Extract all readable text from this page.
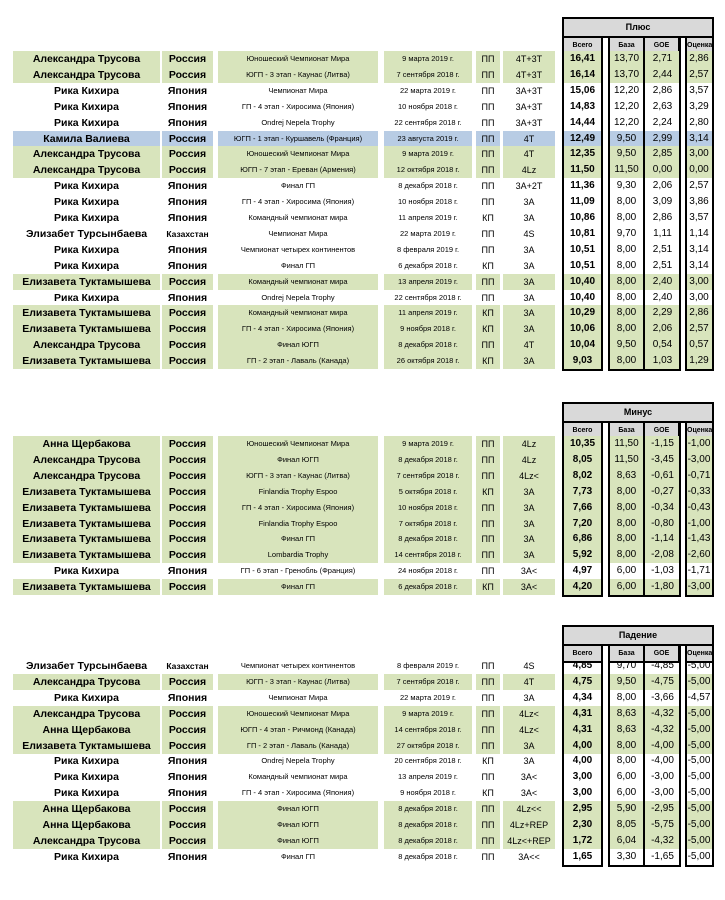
Плюс
Всего	База	GOE	Оценка
Александра Трусова	Россия	Юношеский Чемпионат Мира	9 марта 2019 г.	ПП	4T+3T	16,41	13,70	2,71	2,86
Александра Трусова	Россия	ЮГП - 3 этап - Каунас (Литва)	7 сентября 2018 г.	ПП	4T+3T	16,14	13,70	2,44	2,57
Рика Кихира	Япония	Чемпионат Мира	22 марта 2019 г.	ПП	3A+3T	15,06	12,20	2,86	3,57
Рика Кихира	Япония	ГП - 4 этап - Хиросима (Япония)	10 ноября 2018 г.	ПП	3A+3T	14,83	12,20	2,63	3,29
Рика Кихира	Япония	Ondrej Nepela Trophy	22 сентября 2018 г.	ПП	3A+3T	14,44	12,20	2,24	2,80
Камила Валиева	Россия	ЮГП - 1 этап - Куршавель (Франция)	23 августа 2019 г.	ПП	4T	12,49	9,50	2,99	3,14
Александра Трусова	Россия	Юношеский Чемпионат Мира	9 марта 2019 г.	ПП	4T	12,35	9,50	2,85	3,00
Александра Трусова	Россия	ЮГП - 7 этап - Ереван (Армения)	12 октября 2018 г.	ПП	4Lz	11,50	11,50	0,00	0,00
Рика Кихира	Япония	Финал ГП	8 декабря 2018 г.	ПП	3A+2T	11,36	9,30	2,06	2,57
Рика Кихира	Япония	ГП - 4 этап - Хиросима (Япония)	10 ноября 2018 г.	ПП	3A	11,09	8,00	3,09	3,86
Рика Кихира	Япония	Командный чемпионат мира	11 апреля 2019 г.	КП	3A	10,86	8,00	2,86	3,57
Элизабет Турсынбаева	Казахстан	Чемпионат Мира	22 марта 2019 г.	ПП	4S	10,81	9,70	1,11	1,14
Рика Кихира	Япония	Чемпионат четырех континентов	8 февраля 2019 г.	ПП	3A	10,51	8,00	2,51	3,14
Рика Кихира	Япония	Финал ГП	6 декабря 2018 г.	КП	3A	10,51	8,00	2,51	3,14
Елизавета Туктамышева	Россия	Командный чемпионат мира	13 апреля 2019 г.	ПП	3A	10,40	8,00	2,40	3,00
Рика Кихира	Япония	Ondrej Nepela Trophy	22 сентября 2018 г.	ПП	3A	10,40	8,00	2,40	3,00
Елизавета Туктамышева	Россия	Командный чемпионат мира	11 апреля 2019 г.	КП	3A	10,29	8,00	2,29	2,86
Елизавета Туктамышева	Россия	ГП - 4 этап - Хиросима (Япония)	9 ноября 2018 г.	КП	3A	10,06	8,00	2,06	2,57
Александра Трусова	Россия	Финал ЮГП	8 декабря 2018 г.	ПП	4T	10,04	9,50	0,54	0,57
Елизавета Туктамышева	Россия	ГП - 2 этап - Лаваль (Канада)	26 октября 2018 г.	КП	3A	9,03	8,00	1,03	1,29
Минус
Всего	База	GOE	Оценка
Анна Щербакова	Россия	Юношеский Чемпионат Мира	9 марта 2019 г.	ПП	4Lz	10,35	11,50	-1,15	-1,00
Александра Трусова	Россия	Финал ЮГП	8 декабря 2018 г.	ПП	4Lz	8,05	11,50	-3,45	-3,00
Александра Трусова	Россия	ЮГП - 3 этап - Каунас (Литва)	7 сентября 2018 г.	ПП	4Lz<	8,02	8,63	-0,61	-0,71
Елизавета Туктамышева	Россия	Finlandia Trophy Espoo	5 октября 2018 г.	КП	3A	7,73	8,00	-0,27	-0,33
Елизавета Туктамышева	Россия	ГП - 4 этап - Хиросима (Япония)	10 ноября 2018 г.	ПП	3A	7,66	8,00	-0,34	-0,43
Елизавета Туктамышева	Россия	Finlandia Trophy Espoo	7 октября 2018 г.	ПП	3A	7,20	8,00	-0,80	-1,00
Елизавета Туктамышева	Россия	Финал ГП	8 декабря 2018 г.	ПП	3A	6,86	8,00	-1,14	-1,43
Елизавета Туктамышева	Россия	Lombardia Trophy	14 сентября 2018 г.	ПП	3A	5,92	8,00	-2,08	-2,60
Рика Кихира	Япония	ГП - 6 этап - Гренобль (Франция)	24 ноября 2018 г.	ПП	3A<	4,97	6,00	-1,03	-1,71
Елизавета Туктамышева	Россия	Финал ГП	6 декабря 2018 г.	КП	3A<	4,20	6,00	-1,80	-3,00
Падение
Всего	База	GOE	Оценка
Элизабет Турсынбаева	Казахстан	Чемпионат четырех континентов	8 февраля 2019 г.	ПП	4S	4,85	9,70	-4,85	-5,00
Александра Трусова	Россия	ЮГП - 3 этап - Каунас (Литва)	7 сентября 2018 г.	ПП	4T	4,75	9,50	-4,75	-5,00
Рика Кихира	Япония	Чемпионат Мира	22 марта 2019 г.	ПП	3A	4,34	8,00	-3,66	-4,57
Александра Трусова	Россия	Юношеский Чемпионат Мира	9 марта 2019 г.	ПП	4Lz<	4,31	8,63	-4,32	-5,00
Анна Щербакова	Россия	ЮГП - 4 этап - Ричмонд (Канада)	14 сентября 2018 г.	ПП	4Lz<	4,31	8,63	-4,32	-5,00
Елизавета Туктамышева	Россия	ГП - 2 этап - Лаваль (Канада)	27 октября 2018 г.	ПП	3A	4,00	8,00	-4,00	-5,00
Рика Кихира	Япония	Ondrej Nepela Trophy	20 сентября 2018 г.	КП	3A	4,00	8,00	-4,00	-5,00
Рика Кихира	Япония	Командный чемпионат мира	13 апреля 2019 г.	ПП	3A<	3,00	6,00	-3,00	-5,00
Рика Кихира	Япония	ГП - 4 этап - Хиросима (Япония)	9 ноября 2018 г.	КП	3A<	3,00	6,00	-3,00	-5,00
Анна Щербакова	Россия	Финал ЮГП	8 декабря 2018 г.	ПП	4Lz<<	2,95	5,90	-2,95	-5,00
Анна Щербакова	Россия	Финал ЮГП	8 декабря 2018 г.	ПП	4Lz+REP	2,30	8,05	-5,75	-5,00
Александра Трусова	Россия	Финал ЮГП	8 декабря 2018 г.	ПП	4Lz<+REP	1,72	6,04	-4,32	-5,00
Рика Кихира	Япония	Финал ГП	8 декабря 2018 г.	ПП	3A<<	1,65	3,30	-1,65	-5,00
